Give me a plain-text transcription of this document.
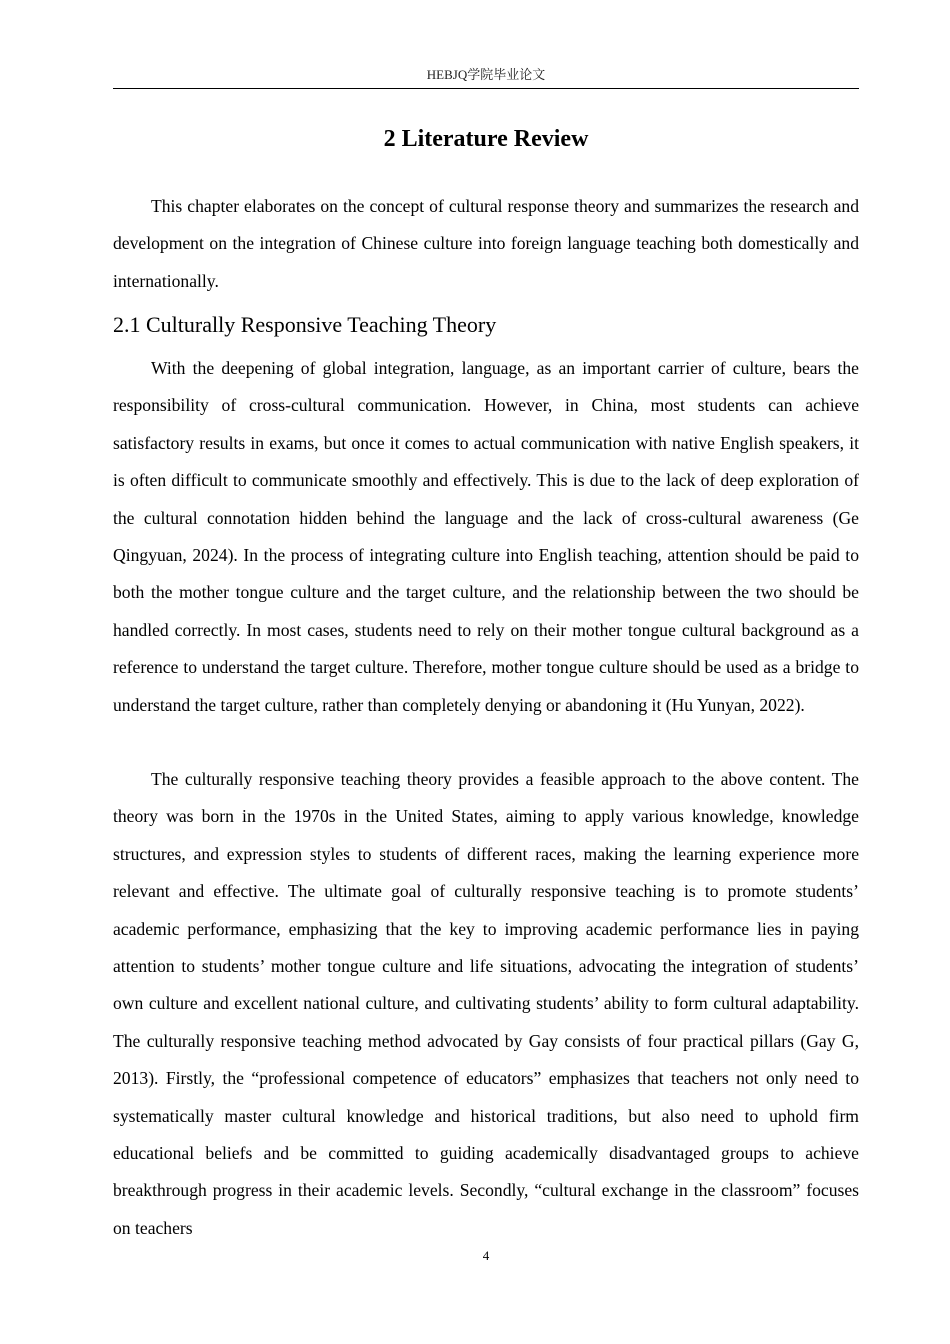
HEBJQ学院毕业论文
2 Literature Review

This chapter elaborates on the concept of cultural response theory and summarizes the research and development on the integration of Chinese culture into foreign language teaching both domestically and internationally.

2.1 Culturally Responsive Teaching Theory

With the deepening of global integration, language, as an important carrier of culture, bears the responsibility of cross-cultural communication. However, in China, most students can achieve satisfactory results in exams, but once it comes to actual communication with native English speakers, it is often difficult to communicate smoothly and effectively. This is due to the lack of deep exploration of the cultural connotation hidden behind the language and the lack of cross-cultural awareness (Ge Qingyuan, 2024). In the process of integrating culture into English teaching, attention should be paid to both the mother tongue culture and the target culture, and the relationship between the two should be handled correctly. In most cases, students need to rely on their mother tongue cultural background as a reference to understand the target culture. Therefore, mother tongue culture should be used as a bridge to understand the target culture, rather than completely denying or abandoning it (Hu Yunyan, 2022).

The culturally responsive teaching theory provides a feasible approach to the above content. The theory was born in the 1970s in the United States, aiming to apply various knowledge, knowledge structures, and expression styles to students of different races, making the learning experience more relevant and effective. The ultimate goal of culturally responsive teaching is to promote students’ academic performance, emphasizing that the key to improving academic performance lies in paying attention to students’ mother tongue culture and life situations, advocating the integration of students’ own culture and excellent national culture, and cultivating students’ ability to form cultural adaptability. The culturally responsive teaching method advocated by Gay consists of four practical pillars (Gay G, 2013). Firstly, the “professional competence of educators” emphasizes that teachers not only need to systematically master cultural knowledge and historical traditions, but also need to uphold firm educational beliefs and be committed to guiding academically disadvantaged groups to achieve breakthrough progress in their academic levels. Secondly, “cultural exchange in the classroom” focuses on teachers

4
